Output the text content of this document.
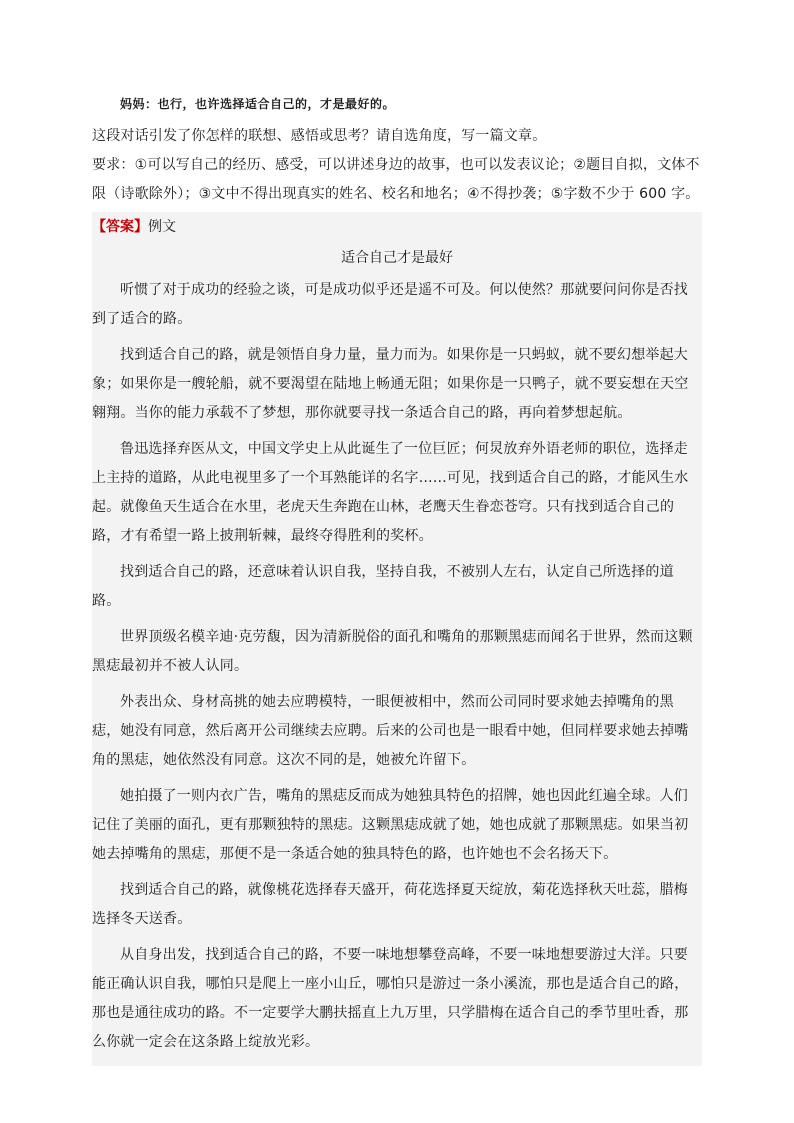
妈妈：也行，也许选择适合自己的，才是最好的。

这段对话引发了你怎样的联想、感悟或思考？请自选角度，写一篇文章。

要求：①可以写自己的经历、感受，可以讲述身边的故事，也可以发表议论；②题目自拟，文体不限（诗歌除外）；③文中不得出现真实的姓名、校名和地名；④不得抄袭；⑤字数不少于 600 字。

【答案】例文

适合自己才是最好

听惯了对于成功的经验之谈，可是成功似乎还是遥不可及。何以使然？那就要问问你是否找到了适合的路。

找到适合自己的路，就是领悟自身力量，量力而为。如果你是一只蚂蚁，就不要幻想举起大象；如果你是一艘轮船，就不要渴望在陆地上畅通无阻；如果你是一只鸭子，就不要妄想在天空翱翔。当你的能力承载不了梦想，那你就要寻找一条适合自己的路，再向着梦想起航。

鲁迅选择弃医从文，中国文学史上从此诞生了一位巨匠；何炅放弃外语老师的职位，选择走上主持的道路，从此电视里多了一个耳熟能详的名字……可见，找到适合自己的路，才能风生水起。就像鱼天生适合在水里，老虎天生奔跑在山林，老鹰天生眷恋苍穹。只有找到适合自己的路，才有希望一路上披荆斩棘，最终夺得胜利的奖杯。

找到适合自己的路，还意味着认识自我，坚持自我，不被别人左右，认定自己所选择的道路。

世界顶级名模辛迪·克劳馥，因为清新脱俗的面孔和嘴角的那颗黑痣而闻名于世界，然而这颗黑痣最初并不被人认同。

外表出众、身材高挑的她去应聘模特，一眼便被相中，然而公司同时要求她去掉嘴角的黑痣，她没有同意，然后离开公司继续去应聘。后来的公司也是一眼看中她，但同样要求她去掉嘴角的黑痣，她依然没有同意。这次不同的是，她被允许留下。

她拍摄了一则内衣广告，嘴角的黑痣反而成为她独具特色的招牌，她也因此红遍全球。人们记住了美丽的面孔，更有那颗独特的黑痣。这颗黑痣成就了她，她也成就了那颗黑痣。如果当初她去掉嘴角的黑痣，那便不是一条适合她的独具特色的路，也许她也不会名扬天下。

找到适合自己的路，就像桃花选择春天盛开，荷花选择夏天绽放，菊花选择秋天吐蕊，腊梅选择冬天送香。

从自身出发，找到适合自己的路，不要一味地想攀登高峰，不要一味地想要游过大洋。只要能正确认识自我，哪怕只是爬上一座小山丘，哪怕只是游过一条小溪流，那也是适合自己的路，那也是通往成功的路。不一定要学大鹏扶摇直上九万里，只学腊梅在适合自己的季节里吐香，那么你就一定会在这条路上绽放光彩。
